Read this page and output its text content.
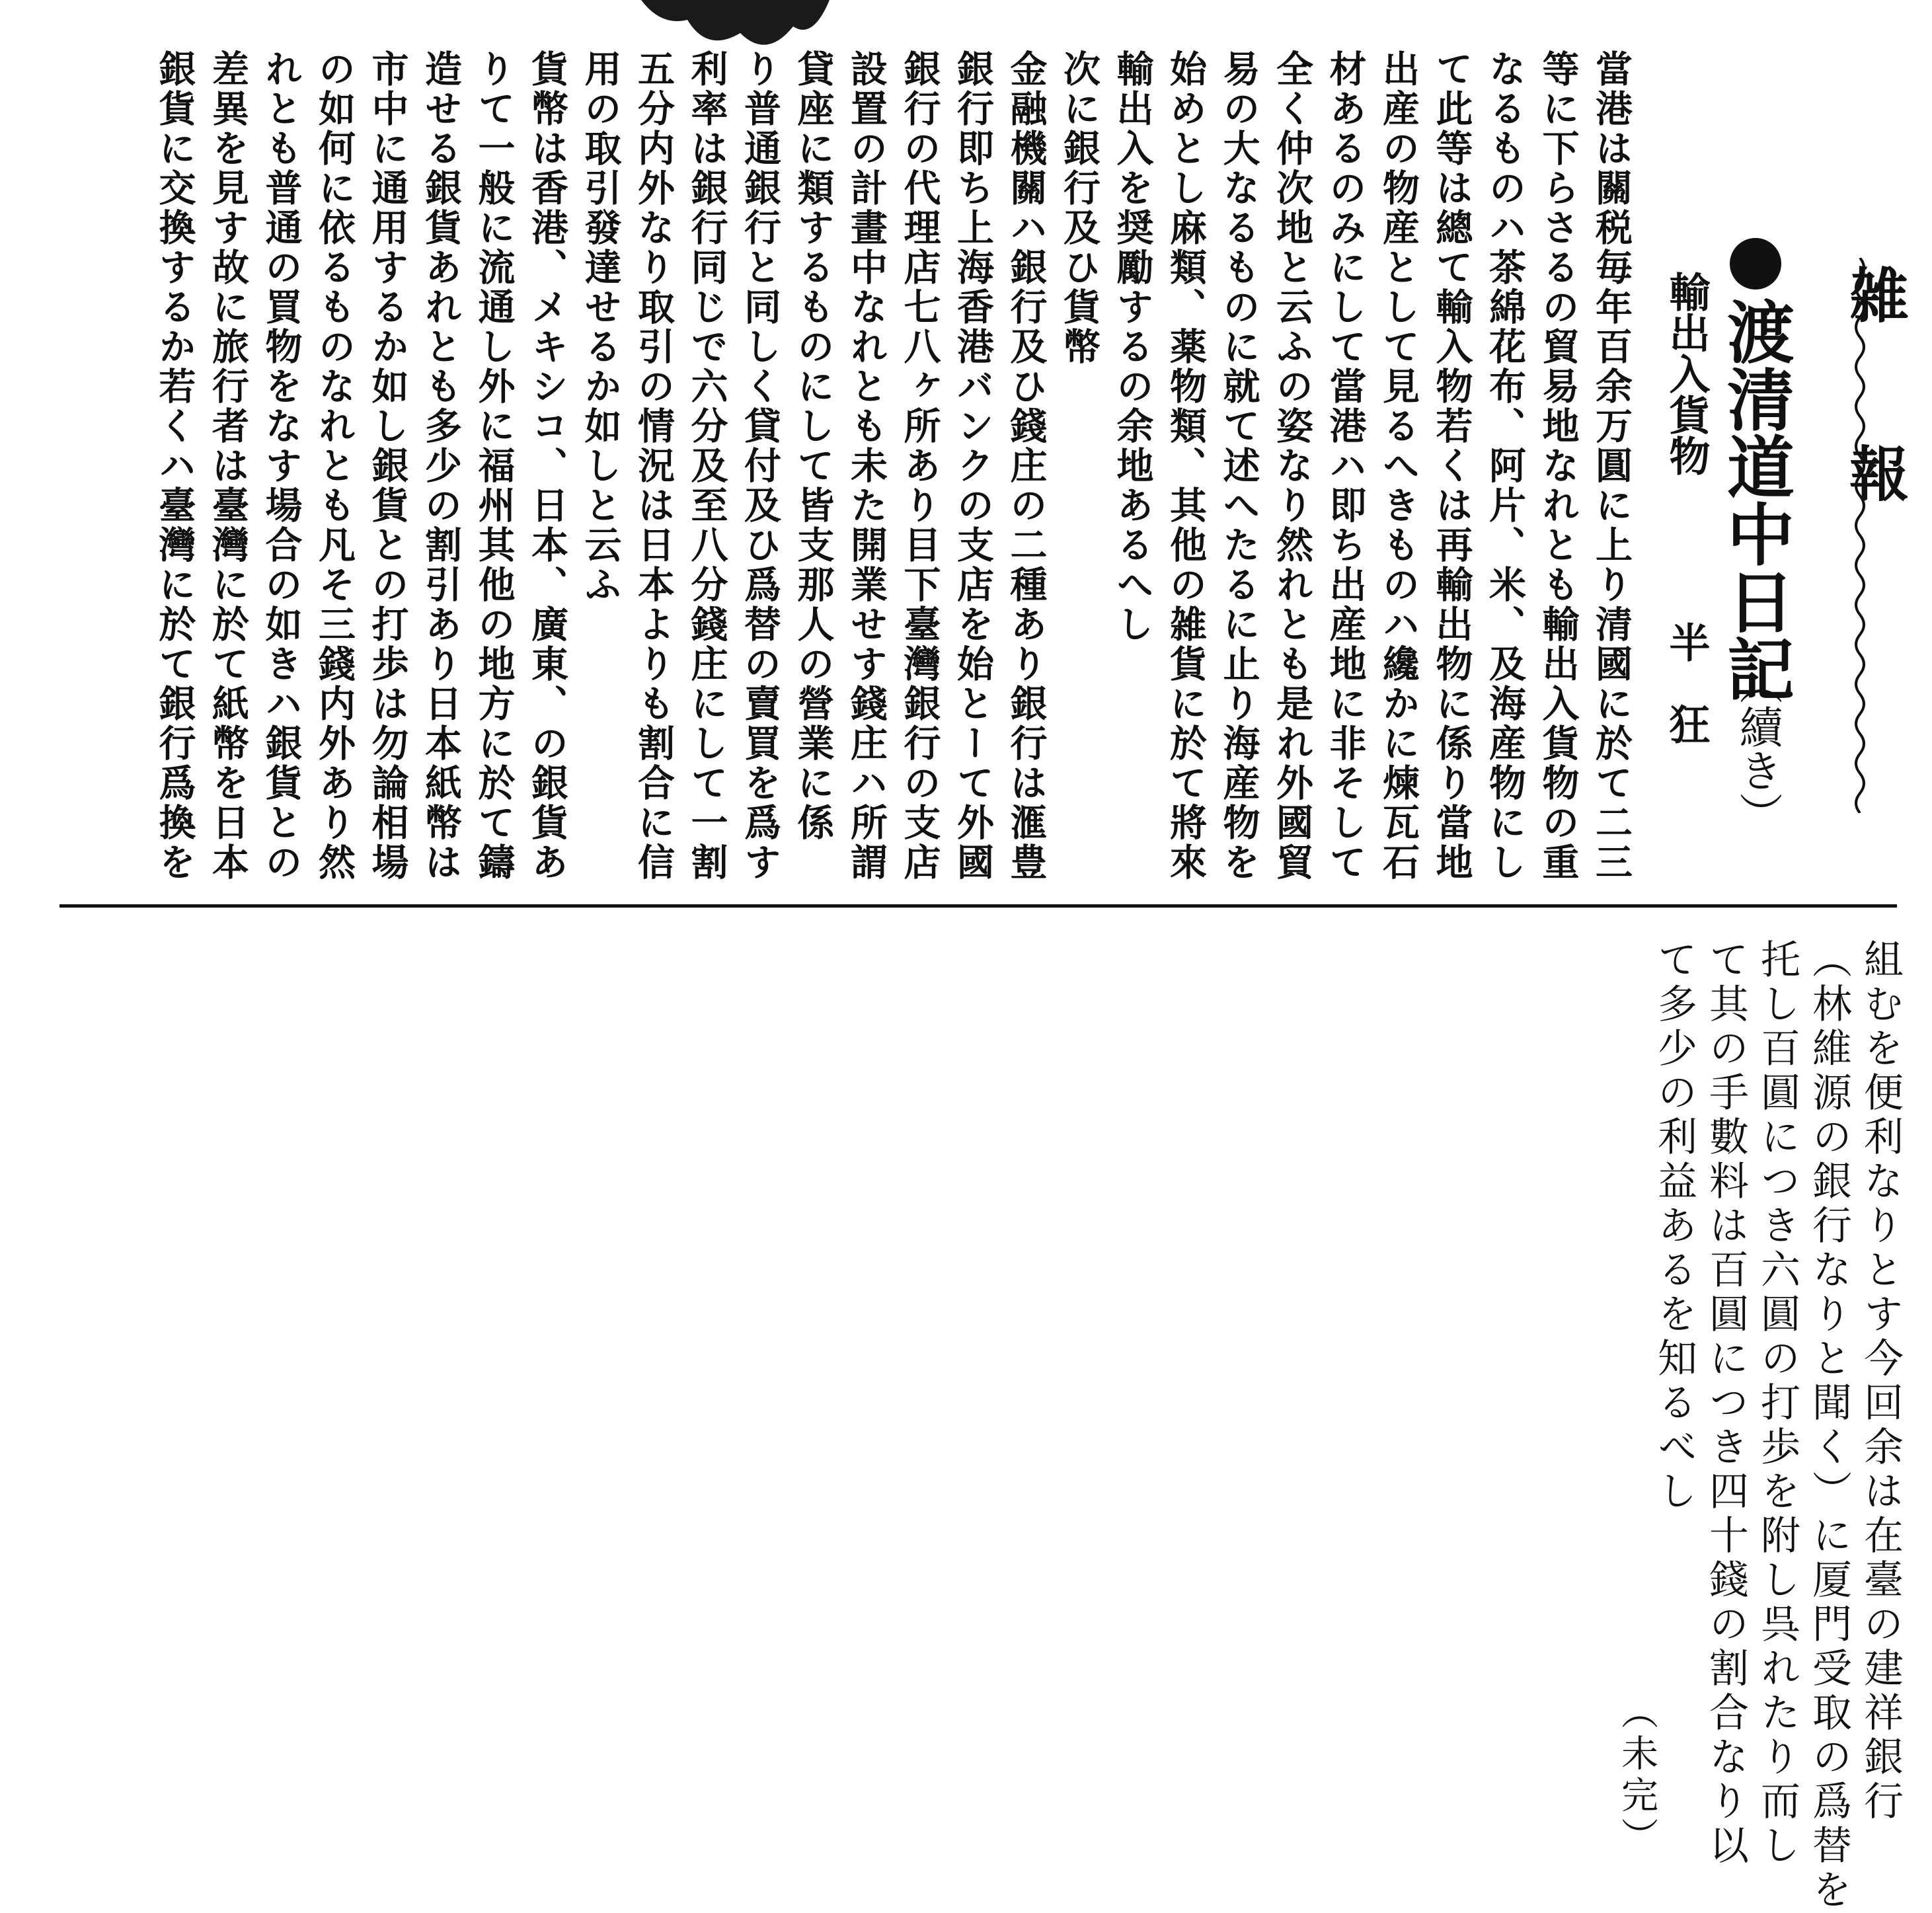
雑　　報
渡清道中日記
（續き）
輸出入貨物
半　狂
當港は關税毎年百余万圓に上り清國に於て二三
等に下らさるの貿易地なれとも輸出入貨物の重
なるものハ茶綿花布、阿片、米、及海産物にし
て此等は總て輸入物若くは再輸出物に係り當地
出産の物産として見るへきものハ纔かに煉瓦石
材あるのみにして當港ハ即ち出産地に非そして
全く仲次地と云ふの姿なり然れとも是れ外國貿
易の大なるものに就て述へたるに止り海産物を
始めとし麻類、薬物類、其他の雑貨に於て將來
輸出入を奨勵するの余地あるへし
次に銀行及ひ貨幣
金融機關ハ銀行及ひ錢庄の二種あり銀行は滙豊
銀行即ち上海香港バンクの支店を始とーて外國
銀行の代理店七八ヶ所あり目下臺灣銀行の支店
設置の計畫中なれとも未た開業せす錢庄ハ所謂
貸座に類するものにして皆支那人の營業に係
り普通銀行と同しく貸付及ひ爲替の賣買を爲す
利率は銀行同じで六分及至八分錢庄にして一割
五分内外なり取引の情況は日本よりも割合に信
用の取引發達せるか如しと云ふ
貨幣は香港、メキシコ、日本、廣東、の銀貨あ
りて一般に流通し外に福州其他の地方に於て鑄
造せる銀貨あれとも多少の割引あり日本紙幣は
市中に通用するか如し銀貨との打歩は勿論相場
の如何に依るものなれとも凡そ三錢内外あり然
れとも普通の買物をなす場合の如きハ銀貨との
差異を見す故に旅行者は臺灣に於て紙幣を日本
銀貨に交換するか若くハ臺灣に於て銀行爲換を
組むを便利なりとす今回余は在臺の建祥銀行
（林維源の銀行なりと聞く）に厦門受取の爲替を
托し百圓につき六圓の打歩を附し呉れたり而し
て其の手數料は百圓につき四十錢の割合なり以
て多少の利益あるを知るべし
（未完）
